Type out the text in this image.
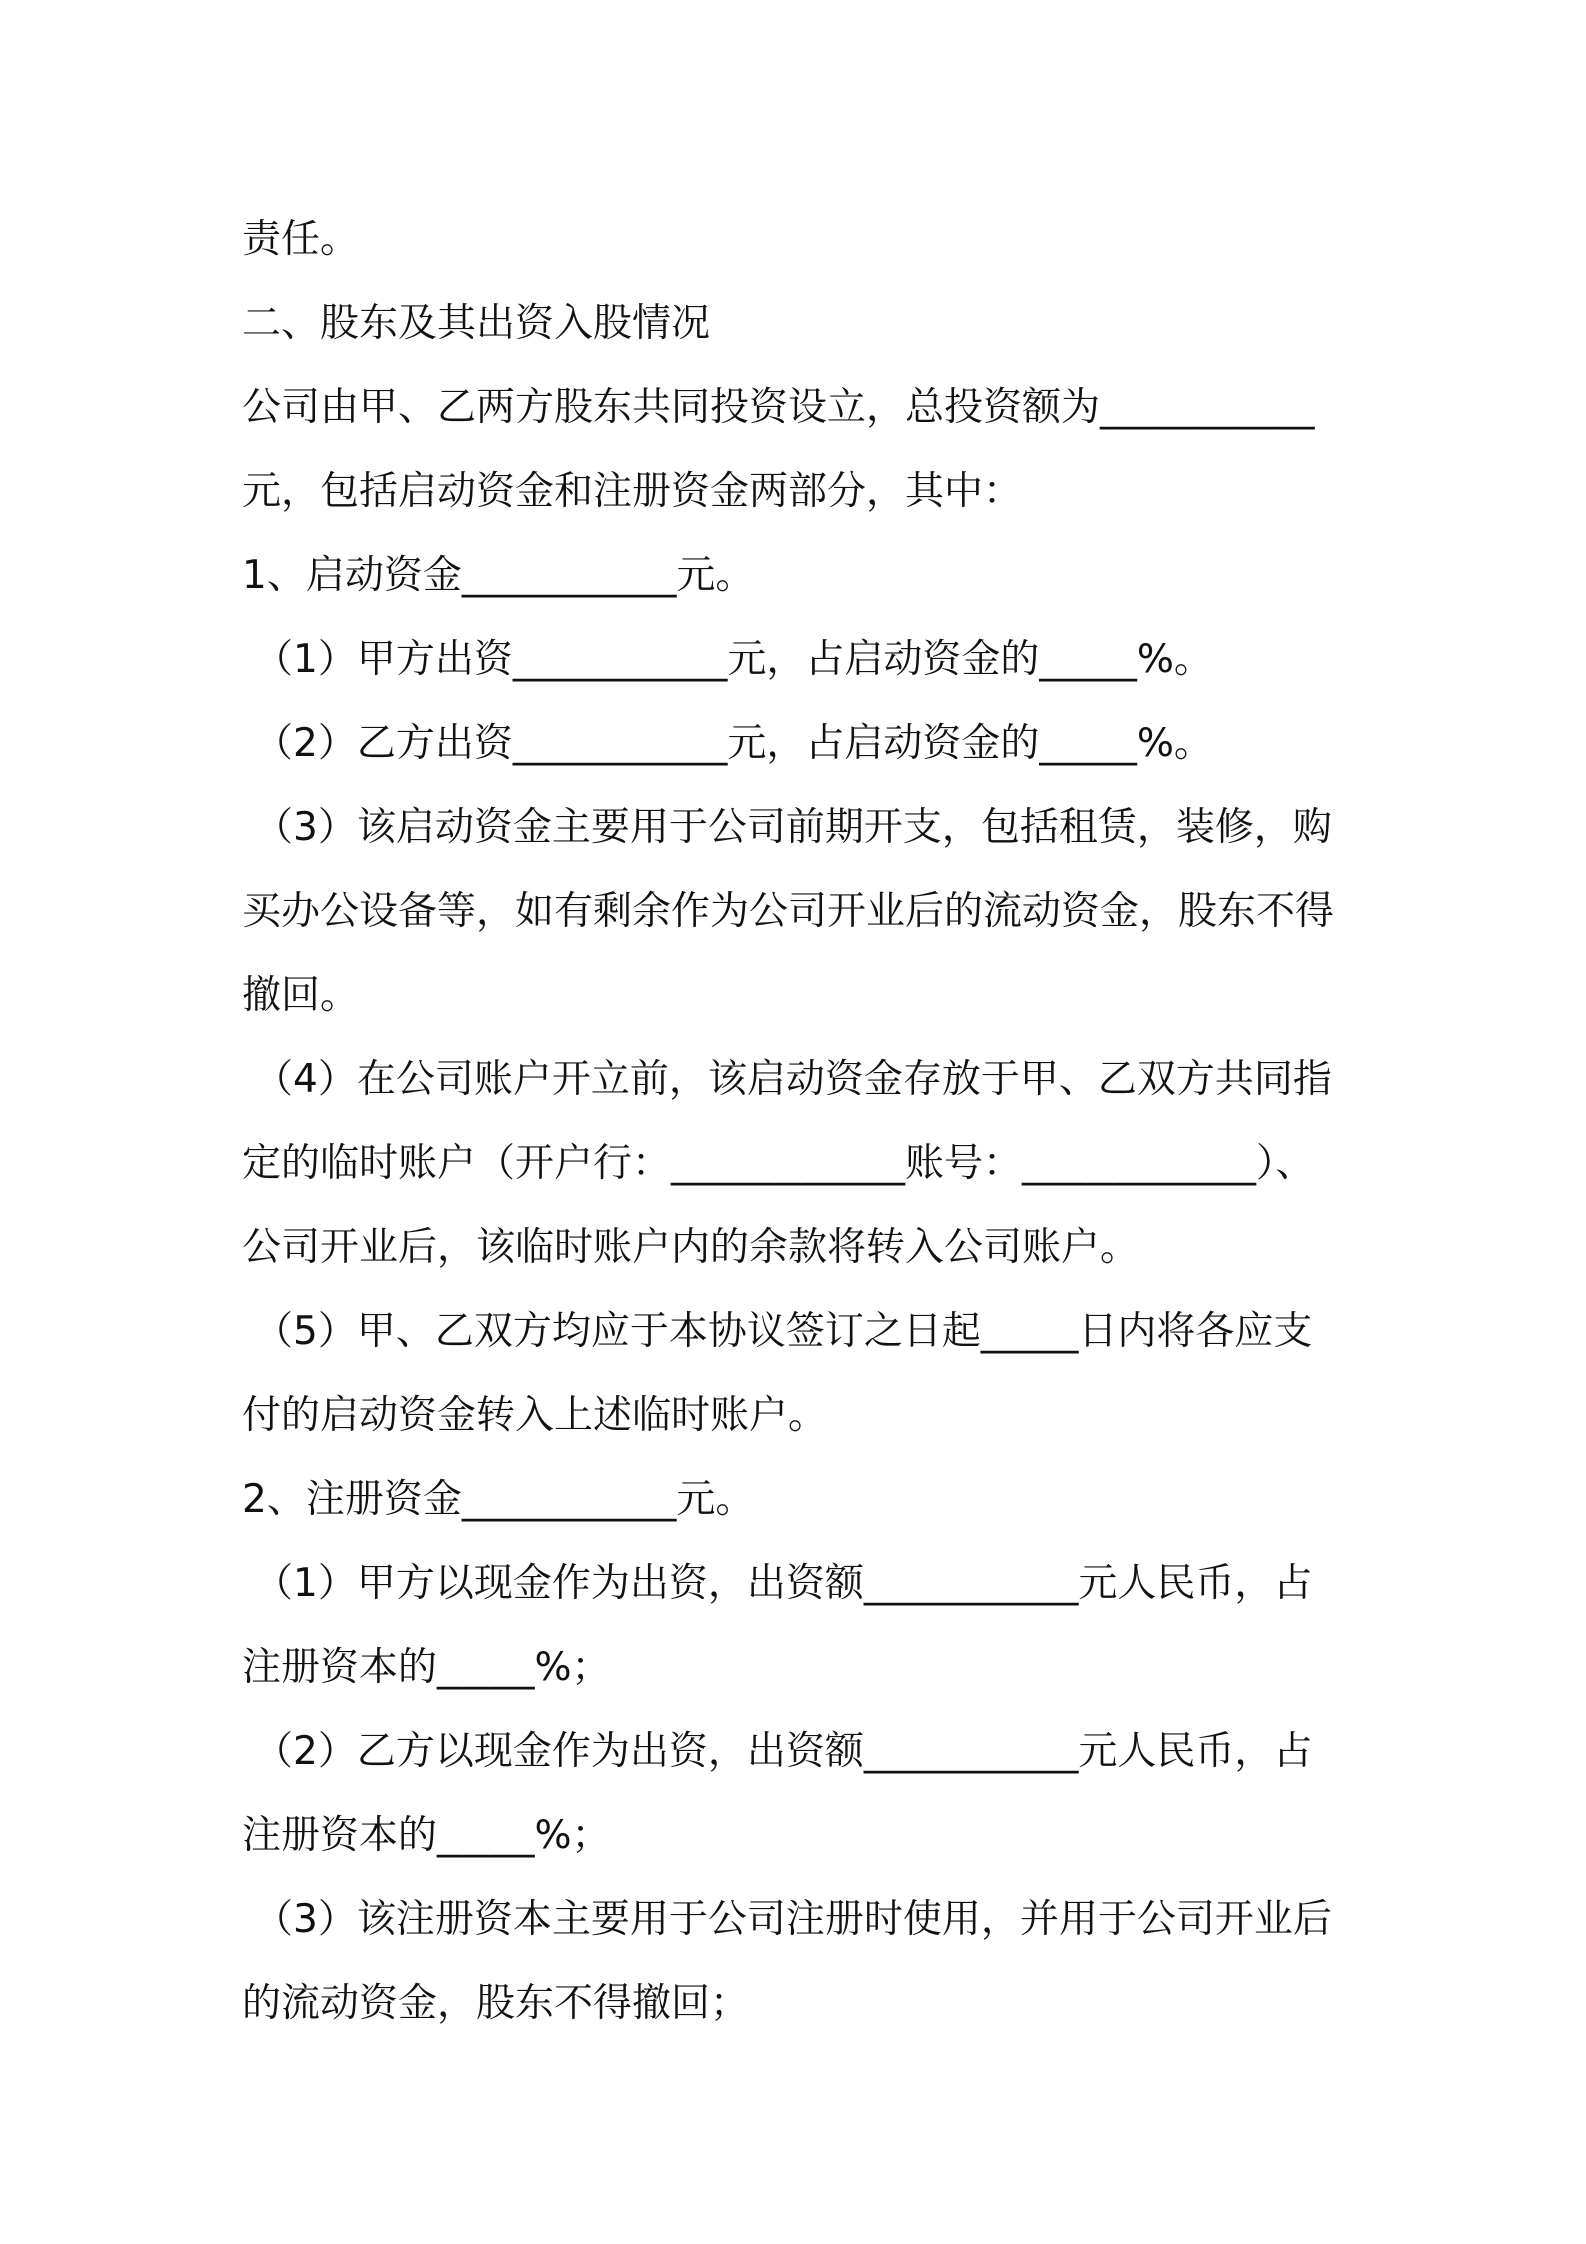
责任。
二、股东及其出资入股情况
公司由甲、乙两方股东共同投资设立，总投资额为___________
元，包括启动资金和注册资金两部分，其中：
1、启动资金___________元。
（1）甲方出资___________元，占启动资金的_____%。
（2）乙方出资___________元，占启动资金的_____%。
（3）该启动资金主要用于公司前期开支，包括租赁，装修，购
买办公设备等，如有剩余作为公司开业后的流动资金，股东不得
撤回。
（4）在公司账户开立前，该启动资金存放于甲、乙双方共同指
定的临时账户（开户行：____________账号：____________）、
公司开业后，该临时账户内的余款将转入公司账户。
（5）甲、乙双方均应于本协议签订之日起_____日内将各应支
付的启动资金转入上述临时账户。
2、注册资金___________元。
（1）甲方以现金作为出资，出资额___________元人民币，占
注册资本的_____%；
（2）乙方以现金作为出资，出资额___________元人民币，占
注册资本的_____%；
（3）该注册资本主要用于公司注册时使用，并用于公司开业后
的流动资金，股东不得撤回；
